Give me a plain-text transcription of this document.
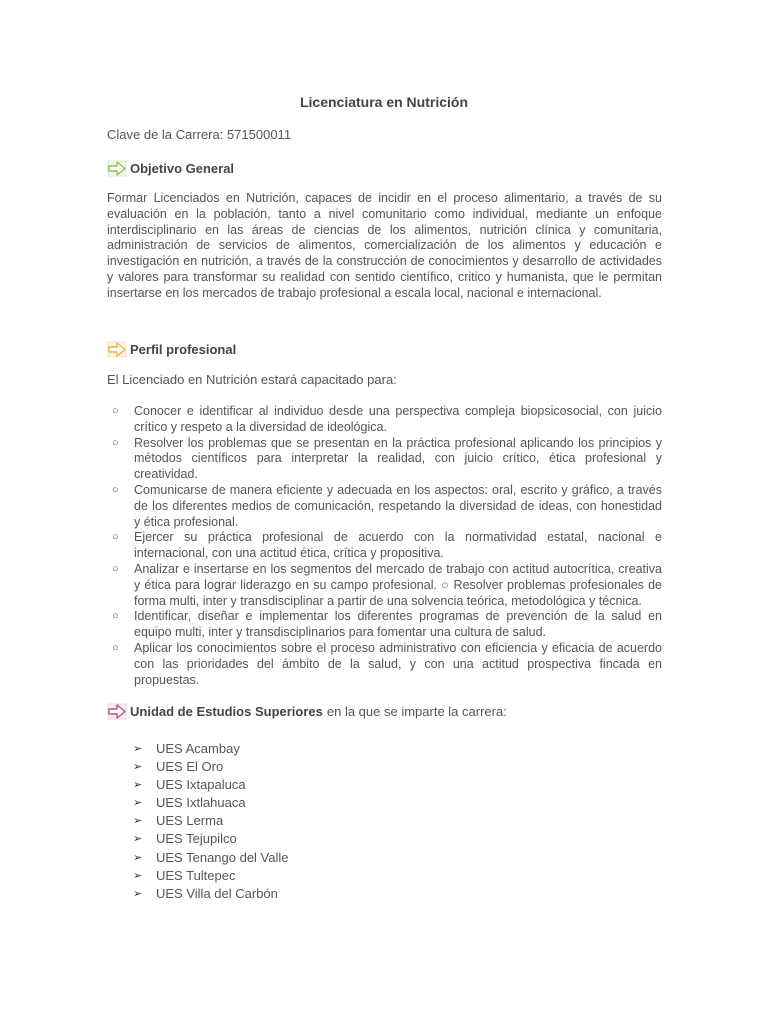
Licenciatura en Nutrición
Clave de la Carrera: 571500011
Objetivo General
Formar Licenciados en Nutrición, capaces de incidir en el proceso alimentario, a través de su evaluación en la población, tanto a nivel comunitario como individual, mediante un enfoque interdisciplinario en las áreas de ciencias de los alimentos, nutrición clínica y comunitaria, administración de servicios de alimentos, comercialización de los alimentos y educación e investigación en nutrición, a través de la construcción de conocimientos y desarrollo de actividades y valores para transformar su realidad con sentido científico, critico y humanista, que le permitan insertarse en los mercados de trabajo profesional a escala local, nacional e internacional.
Perfil profesional
El Licenciado en Nutrición estará capacitado para:
○ Conocer e identificar al individuo desde una perspectiva compleja biopsicosocial, con juicio crítico y respeto a la diversidad de ideológica.
○ Resolver los problemas que se presentan en la práctica profesional aplicando los principios y métodos científicos para interpretar la realidad, con juicio crítico, ética profesional y creatividad.
○ Comunicarse de manera eficiente y adecuada en los aspectos: oral, escrito y gráfico, a través de los diferentes medios de comunicación, respetando la diversidad de ideas, con honestidad y ética profesional.
○ Ejercer su práctica profesional de acuerdo con la normatividad estatal, nacional e internacional, con una actitud ética, crítica y propositiva.
○ Analizar e insertarse en los segmentos del mercado de trabajo con actitud autocrítica, creativa y ética para lograr liderazgo en su campo profesional. ○ Resolver problemas profesionales de forma multi, inter y transdisciplinar a partir de una solvencia teórica, metodológica y técnica.
○ Identificar, diseñar e implementar los diferentes programas de prevención de la salud en equipo multi, inter y transdisciplinarios para fomentar una cultura de salud.
○ Aplicar los conocimientos sobre el proceso administrativo con eficiencia y eficacia de acuerdo con las prioridades del ámbito de la salud, y con una actitud prospectiva fincada en propuestas.
Unidad de Estudios Superiores en la que se imparte la carrera:
➢ UES Acambay
➢ UES El Oro
➢ UES Ixtapaluca
➢ UES Ixtlahuaca
➢ UES Lerma
➢ UES Tejupilco
➢ UES Tenango del Valle
➢ UES Tultepec
➢ UES Villa del Carbón
